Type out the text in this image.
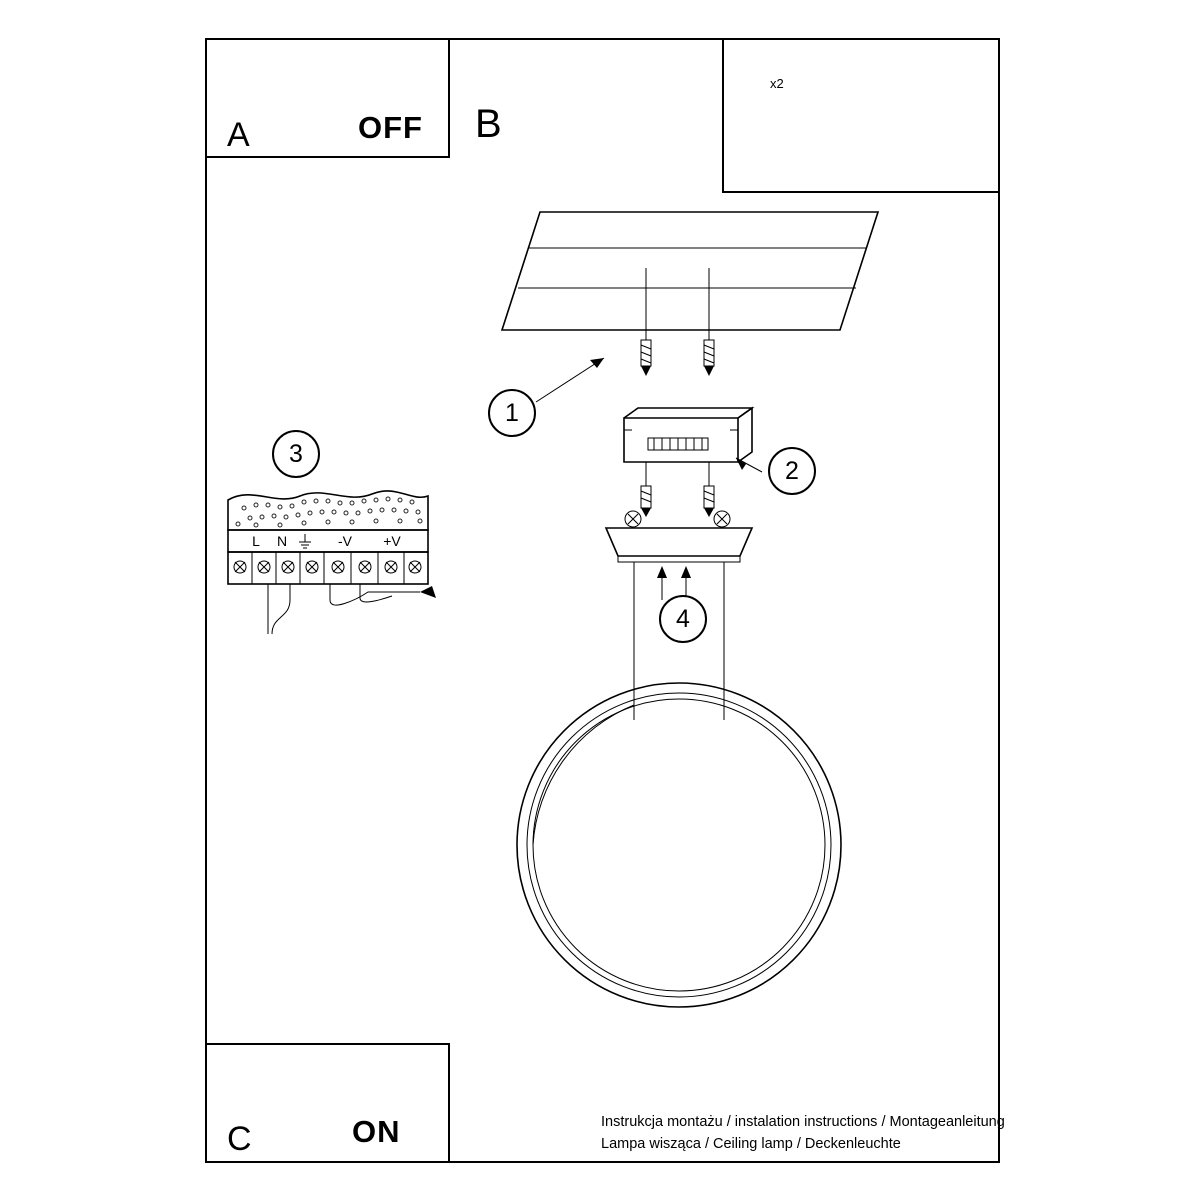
L N	-V +V
A	B
C
OFF
ON
x2
1
2
3
4
Instrukcja montażu / instalation instructions / Montageanleitung
Lampa wisząca / Ceiling lamp / Deckenleuchte
